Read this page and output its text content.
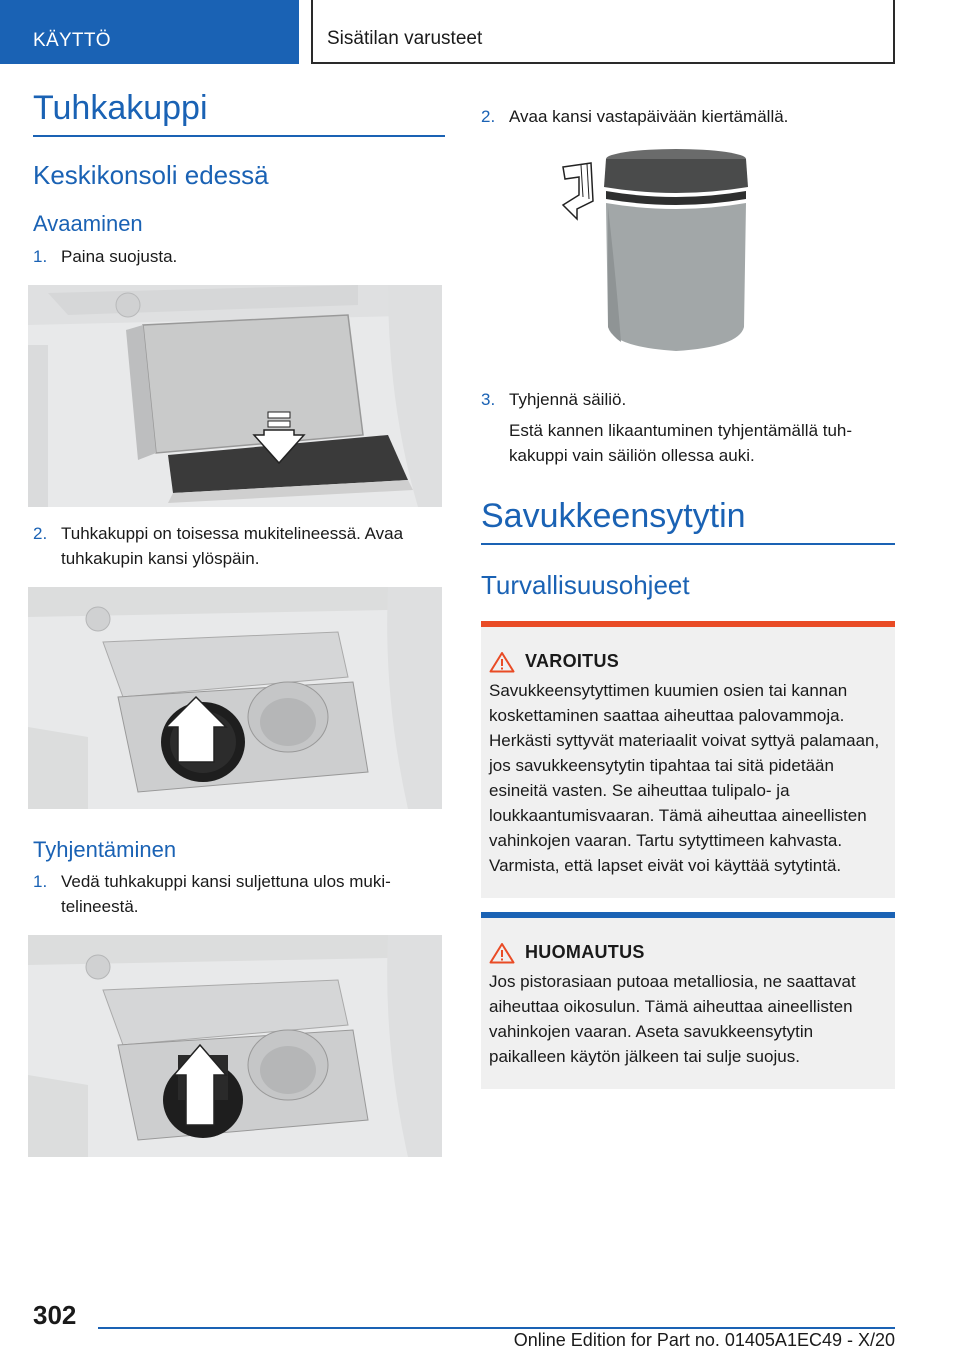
KÄYTTÖ	Sisätilan varusteet
Tuhkakuppi
Keskikonsoli edessä
Avaaminen
1. Paina suojusta.
2. Tuhkakuppi on toisessa mukitelineessä. Avaa tuhkakupin kansi ylöspäin.
Tyhjentäminen
1. Vedä tuhkakuppi kansi suljettuna ulos mukitelineestä.
2. Avaa kansi vastapäivään kiertämällä.
3. Tyhjennä säiliö.
Estä kannen likaantuminen tyhjentämällä tuhkakuppi vain säiliön ollessa auki.
Savukkeensytytin
Turvallisuusohjeet
VAROITUS
Savukkeensytyttimen kuumien osien tai kannan koskettaminen saattaa aiheuttaa palovammoja. Herkästi syttyvät materiaalit voivat syttyä palamaan, jos savukkeensytytin tipahtaa tai sitä pidetään esineitä vasten. Se aiheuttaa tulipalo- ja loukkaantumisvaaran. Tämä aiheuttaa aineellisten vahinkojen vaaran. Tartu sytyttimeen kahvasta. Varmista, että lapset eivät voi käyttää sytytintä.
HUOMAUTUS
Jos pistorasiaan putoaa metalliosia, ne saattavat aiheuttaa oikosulun. Tämä aiheuttaa aineellisten vahinkojen vaaran. Aseta savukkeensytytin paikalleen käytön jälkeen tai sulje suojus.
302
Online Edition for Part no. 01405A1EC49 - X/20
